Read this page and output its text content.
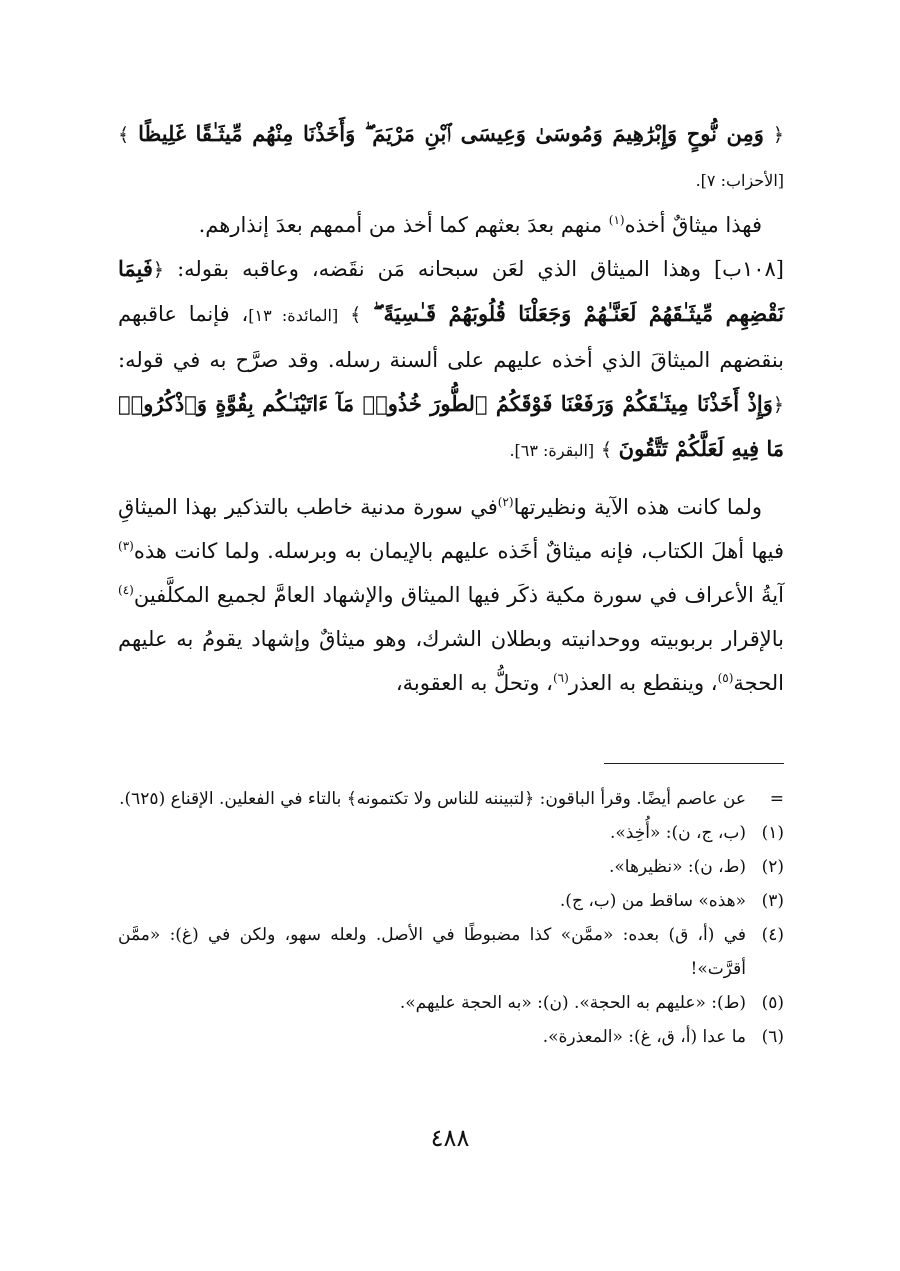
﴿ وَمِن نُّوحٍ وَإِبْرَٰهِيمَ وَمُوسَىٰ وَعِيسَى ٱبْنِ مَرْيَمَ ۖ وَأَخَذْنَا مِنْهُم مِّيثَـٰقًا غَلِيظًا ﴾ [الأحزاب: ٧].

فهذا ميثاقٌ أخذه$^{(١)}$ منهم بعدَ بعثهم كما أخذ من أممهم بعدَ إنذارهم.

[١٠٨ب] وهذا الميثاق الذي لعَن سبحانه مَن نقَضه، وعاقبه بقوله: ﴿فَبِمَا نَقْضِهِم مِّيثَـٰقَهُمْ لَعَنَّـٰهُمْ وَجَعَلْنَا قُلُوبَهُمْ قَـٰسِيَةً ۖ ﴾ [المائدة: ١٣]، فإنما عاقبهم بنقضهم الميثاقَ الذي أخذه عليهم على ألسنة رسله. وقد صرَّح به في قوله: ﴿وَإِذْ أَخَذْنَا مِيثَـٰقَكُمْ وَرَفَعْنَا فَوْقَكُمُ ٱلطُّورَ خُذُوا۟ مَآ ءَاتَيْنَـٰكُم بِقُوَّةٍ وَٱذْكُرُوا۟ مَا فِيهِ لَعَلَّكُمْ تَتَّقُونَ ﴾ [البقرة: ٦٣].

ولما كانت هذه الآية ونظيرتها$^{(٢)}$في سورة مدنية خاطب بالتذكير بهذا الميثاقِ فيها أهلَ الكتاب، فإنه ميثاقٌ أخَذه عليهم بالإيمان به وبرسله. ولما كانت هذه$^{(٣)}$ آيةُ الأعراف في سورة مكية ذكَر فيها الميثاق والإشهاد العامَّ لجميع المكلَّفين$^{(٤)}$ بالإقرار بربوبيته ووحدانيته وبطلان الشرك، وهو ميثاقٌ وإشهاد يقومُ به عليهم الحجة$^{(٥)}$، وينقطع به العذر$^{(٦)}$، وتحلُّ به العقوبة،

=
عن عاصم أيضًا. وقرأ الباقون: ﴿لتبيننه للناس ولا تكتمونه﴾ بالتاء في الفعلين. الإقناع (٦٢٥).
(١)
(ب، ج، ن): «أُخِذ».
(٢)
(ط، ن): «نظيرها».
(٣)
«هذه» ساقط من (ب، ج).
(٤)
في (أ، ق) بعده: «ممَّن» كذا مضبوطًا في الأصل. ولعله سهو، ولكن في (غ): «ممَّن أقرَّت»!
(٥)
(ط): «عليهم به الحجة». (ن): «به الحجة عليهم».
(٦)
ما عدا (أ، ق، غ): «المعذرة».
٤٨٨
